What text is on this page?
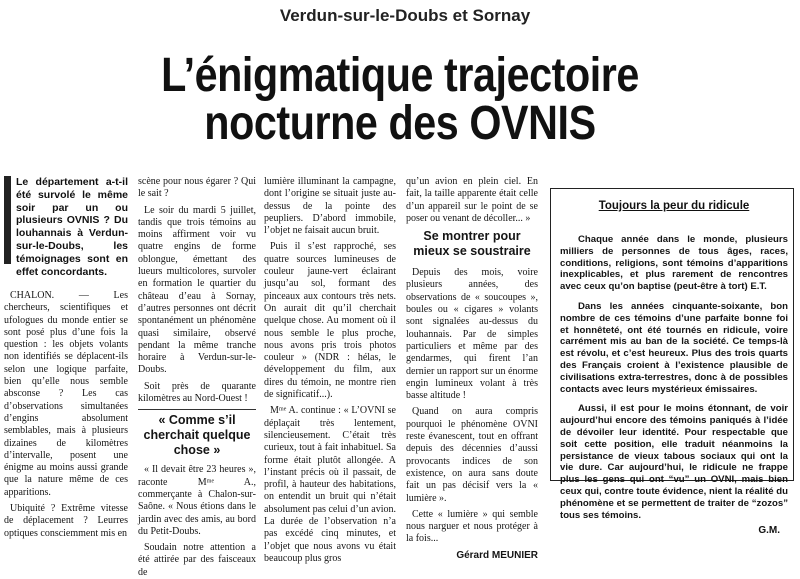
Verdun-sur-le-Doubs et Sornay
L’énigmatique trajectoire
nocturne des OVNIS
Le département a-t-il été survolé le même soir par un ou plusieurs OVNIS ? Du louhannais à Verdun-sur-le-Doubs, les témoignages sont en effet concordants.

CHALON. — Les chercheurs, scientifiques et ufologues du monde entier se sont posé plus d’une fois la question : les objets volants non identifiés se déplacent-ils selon une logique parfaite, bien qu’elle nous semble absconse ? Les cas d’observations simultanées d’engins absolument semblables, mais à plusieurs dizaines de kilomètres d’intervalle, posent une énigme au moins aussi grande que la nature même de ces apparitions.

Ubiquité ? Extrême vitesse de déplacement ? Leurres optiques consciemment mis en

scène pour nous égarer ? Qui le sait ?

Le soir du mardi 5 juillet, tandis que trois témoins au moins affirment voir vu quatre engins de forme oblongue, émettant des lueurs multicolores, survoler en formation le quartier du château d’eau à Sornay, d’autres personnes ont décrit spontanément un phénomène quasi similaire, observé pendant la même tranche horaire à Verdun-sur-le-Doubs.

Soit près de quarante kilomètres au Nord-Ouest !

« Comme s’il cherchait quelque chose »

« Il devait être 23 heures », raconte Mᵐᵉ A., commerçante à Chalon-sur-Saône. « Nous étions dans le jardin avec des amis, au bord du Petit-Doubs.

Soudain notre attention a été attirée par des faisceaux de

lumière illuminant la campagne, dont l’origine se situait juste au-dessus de la pointe des peupliers. D’abord immobile, l’objet ne faisait aucun bruit.

Puis il s’est rapproché, ses quatre sources lumineuses de couleur jaune-vert éclairant jusqu’au sol, formant des pinceaux aux contours très nets. On aurait dit qu’il cherchait quelque chose. Au moment où il nous semble le plus proche, nous avons pris trois photos couleur » (NDR : hélas, le développement du film, aux dires du témoin, ne montre rien de significatif...).

Mᵐᵉ A. continue : « L’OVNI se déplaçait très lentement, silencieusement. C’était très curieux, tout à fait inhabituel. Sa forme était plutôt allongée. A l’instant précis où il passait, de profil, à hauteur des habitations, on entendit un bruit qui n’était absolument pas celui d’un avion. La durée de l’observation n’a pas excédé cinq minutes, et l’objet que nous avons vu était beaucoup plus gros

qu’un avion en plein ciel. En fait, la taille apparente était celle d’un appareil sur le point de se poser ou venant de décoller... »

Se montrer pour mieux se soustraire

Depuis des mois, voire plusieurs années, des observations de « soucoupes », boules ou « cigares » volants sont signalées au-dessus du louhannais. Par de simples particuliers et même par des gendarmes, qui firent l’an dernier un rapport sur un énorme engin lumineux volant à très basse altitude !

Quand on aura compris pourquoi le phénomène OVNI reste évanescent, tout en offrant depuis des décennies d’aussi provocants indices de son existence, on aura sans doute fait un pas décisif vers la « lumière ».

Cette « lumière » qui semble nous narguer et nous protéger à la fois...

Gérard MEUNIER
Toujours la peur du ridicule

Chaque année dans le monde, plusieurs milliers de personnes de tous âges, races, conditions, religions, sont témoins d’apparitions inexplicables, et plus rarement de rencontres avec ceux qu’on baptise (peut-être à tort) E.T.

Dans les années cinquante-soixante, bon nombre de ces témoins d’une parfaite bonne foi et honnêteté, ont été tournés en ridicule, voire carrément mis au ban de la société. Ce temps-là est révolu, et c’est heureux. Plus des trois quarts des Français croient à l’existence plausible de civilisations extra-terrestres, donc à de possibles contacts avec leurs mystérieux émissaires.

Aussi, il est pour le moins étonnant, de voir aujourd’hui encore des témoins paniqués à l’idée de dévoiler leur identité. Pour respectable que soit cette position, elle traduit néanmoins la persistance de vieux tabous sociaux qui ont la vie dure. Car aujourd’hui, le ridicule ne frappe plus les gens qui ont “vu” un OVNI, mais bien ceux qui, contre toute évidence, nient la réalité du phénomène et se permettent de traiter de “zozos” tous ses témoins.

G.M.
